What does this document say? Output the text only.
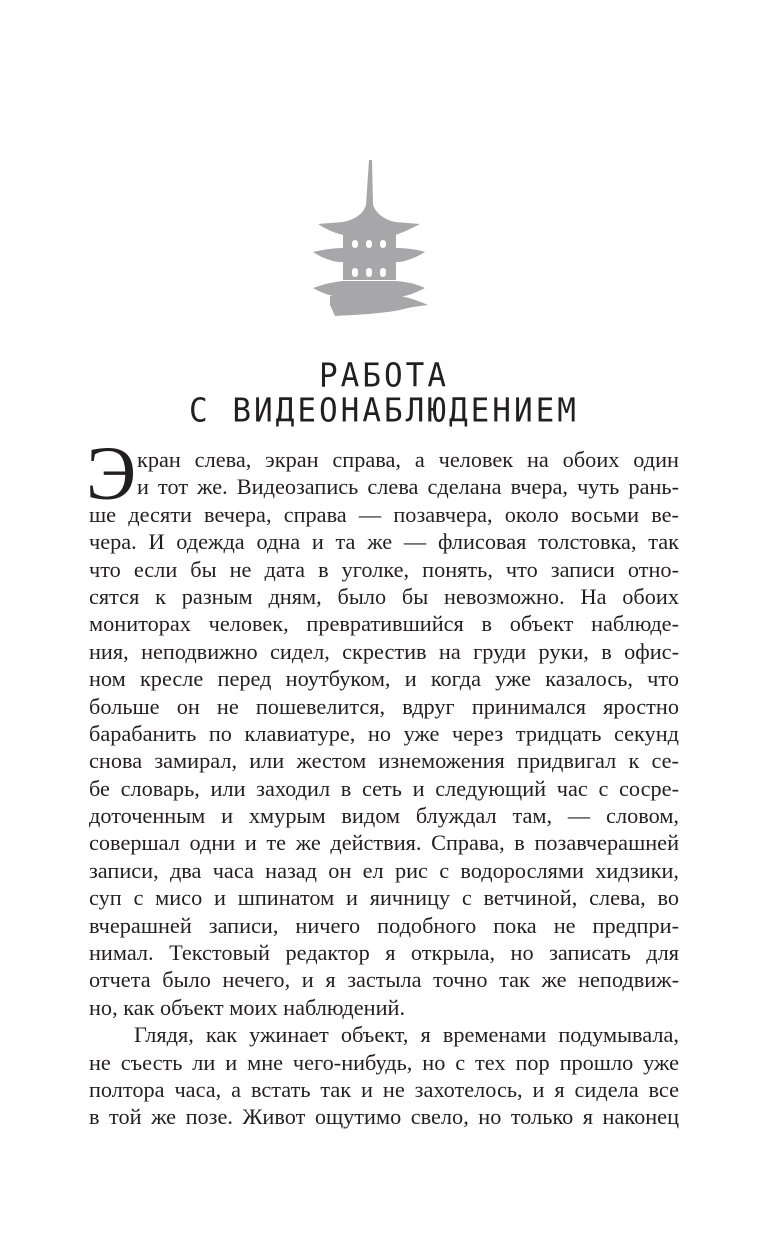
РАБОТА
С ВИДЕОНАБЛЮДЕНИЕМ
Э кран слева, экран справа, а человек на обоих один
и тот же. Видеозапись слева сделана вчера, чуть рань-
ше десяти вечера, справа — позавчера, около восьми ве-
чера. И одежда одна и та же — флисовая толстовка, так
что если бы не дата в уголке, понять, что записи отно-
сятся к разным дням, было бы невозможно. На обоих
мониторах человек, превратившийся в объект наблюде-
ния, неподвижно сидел, скрестив на груди руки, в офис-
ном кресле перед ноутбуком, и когда уже казалось, что
больше он не пошевелится, вдруг принимался яростно
барабанить по клавиатуре, но уже через тридцать секунд
снова замирал, или жестом изнеможения придвигал к се-
бе словарь, или заходил в сеть и следующий час с сосре-
доточенным и хмурым видом блуждал там, — словом,
совершал одни и те же действия. Справа, в позавчерашней
записи, два часа назад он ел рис с водорослями хидзики,
суп с мисо и шпинатом и яичницу с ветчиной, слева, во
вчерашней записи, ничего подобного пока не предпри-
нимал. Текстовый редактор я открыла, но записать для
отчета было нечего, и я застыла точно так же неподвиж-
но, как объект моих наблюдений.
Глядя, как ужинает объект, я временами подумывала,
не съесть ли и мне чего-нибудь, но с тех пор прошло уже
полтора часа, а встать так и не захотелось, и я сидела все
в той же позе. Живот ощутимо свело, но только я наконец
